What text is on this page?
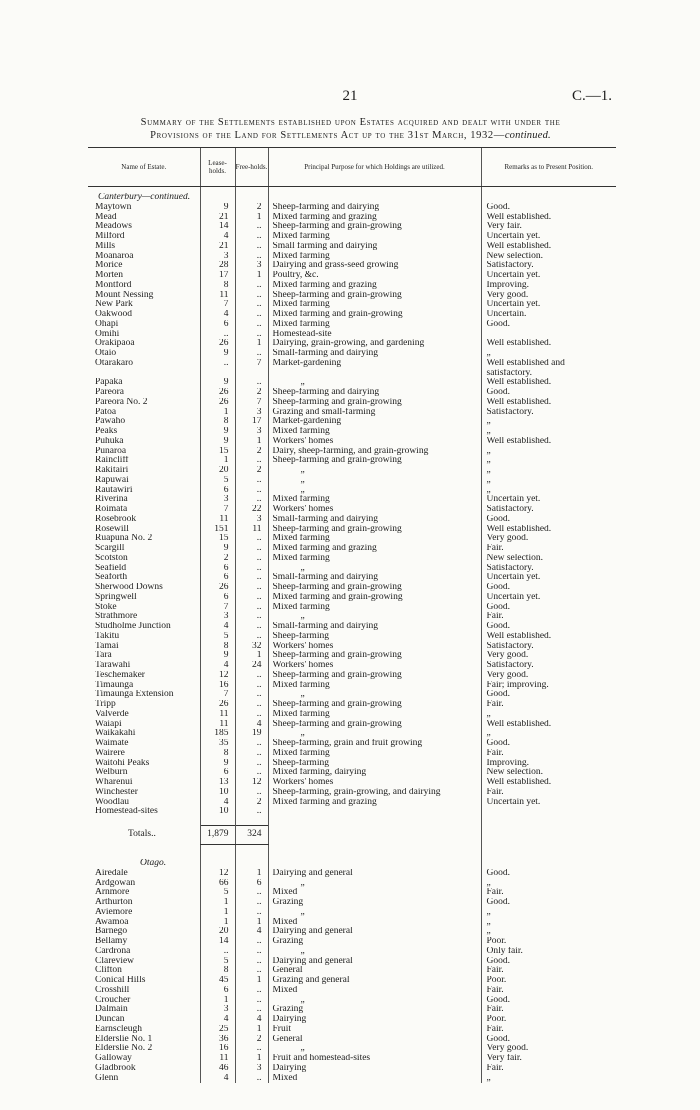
21	C.—1.
Summary of the Settlements established upon Estates acquired and dealt with under the
Provisions of the Land for Settlements Act up to the 31st March, 1932—continued.
Name of Estate.	Lease-holds.	Free-holds.	Principal Purpose for which Holdings are utilized.	Remarks as to Present Position.

Canterbury—continued.				
Maytown	9	2	Sheep-farming and dairying	Good.
Mead	21	1	Mixed farming and grazing	Well established.
Meadows	14	..	Sheep-farming and grain-growing	Very fair.
Milford	4	..	Mixed farming	Uncertain yet.
Mills	21	..	Small farming and dairying	Well established.
Moanaroa	3	..	Mixed farming	New selection.
Morice	28	3	Dairying and grass-seed growing	Satisfactory.
Morten	17	1	Poultry, &c.	Uncertain yet.
Montford	8	..	Mixed farming and grazing	Improving.
Mount Nessing	11	..	Sheep-farming and grain-growing	Very good.
New Park	7	..	Mixed farming	Uncertain yet.
Oakwood	4	..	Mixed farming and grain-growing	Uncertain.
Ohapi	6	..	Mixed farming	Good.
Omihi	..	..	Homestead-site	
Orakipaoa	26	1	Dairying, grain-growing, and gardening	Well established.
Otaio	9	..	Small-farming and dairying	„
Otarakaro	..	7	Market-gardening	Well established and
				satisfactory.
Papaka	9	..	„	Well established.
Pareora	26	2	Sheep-farming and dairying	Good.
Pareora No. 2	26	7	Sheep-farming and grain-growing	Well established.
Patoa	1	3	Grazing and small-farming	Satisfactory.
Pawaho	8	17	Market-gardening	„
Peaks	9	3	Mixed farming	„
Puhuka	9	1	Workers' homes	Well established.
Punaroa	15	2	Dairy, sheep-farming, and grain-growing	„
Raincliff	1	..	Sheep-farming and grain-growing	„
Rakitairi	20	2	„	„
Rapuwai	5	..	„	„
Rautawiri	6	..	„	„
Riverina	3	..	Mixed farming	Uncertain yet.
Roimata	7	22	Workers' homes	Satisfactory.
Rosebrook	11	3	Small-farming and dairying	Good.
Rosewill	151	11	Sheep-farming and grain-growing	Well established.
Ruapuna No. 2	15	..	Mixed farming	Very good.
Scargill	9	..	Mixed farming and grazing	Fair.
Scotston	2	..	Mixed farming	New selection.
Seafield	6	..	„	Satisfactory.
Seaforth	6	..	Small-farming and dairying	Uncertain yet.
Sherwood Downs	26	..	Sheep-farming and grain-growing	Good.
Springwell	6	..	Mixed farming and grain-growing	Uncertain yet.
Stoke	7	..	Mixed farming	Good.
Strathmore	3	..	„	Fair.
Studholme Junction	4	..	Small-farming and dairying	Good.
Takitu	5	..	Sheep-farming	Well established.
Tamai	8	32	Workers' homes	Satisfactory.
Tara	9	1	Sheep-farming and grain-growing	Very good.
Tarawahi	4	24	Workers' homes	Satisfactory.
Teschemaker	12	..	Sheep-farming and grain-growing	Very good.
Timaunga	16	..	Mixed farming	Fair; improving.
Timaunga Extension	7	..	„	Good.
Tripp	26	..	Sheep-farming and grain-growing	Fair.
Valverde	11	..	Mixed farming	„
Waiapi	11	4	Sheep-farming and grain-growing	Well established.
Waikakahi	185	19	„	„
Waimate	35	..	Sheep-farming, grain and fruit growing	Good.
Wairere	8	..	Mixed farming	Fair.
Waitohi Peaks	9	..	Sheep-farming	Improving.
Welburn	6	..	Mixed farming, dairying	New selection.
Wharenui	13	12	Workers' homes	Well established.
Winchester	10	..	Sheep-farming, grain-growing, and dairying	Fair.
Woodlau	4	2	Mixed farming and grazing	Uncertain yet.
Homestead-sites	10	..		

Totals..	1,879	324		

Otago.				
Airedale	12	1	Dairying and general	Good.
Ardgowan	66	6	„	„
Arnmore	5	..	Mixed	Fair.
Arthurton	1	..	Grazing	Good.
Aviemore	1	..	„	„
Awamoa	1	1	Mixed	„
Barnego	20	4	Dairying and general	„
Bellamy	14	..	Grazing	Poor.
Cardrona	..	..	„	Only fair.
Clareview	5	..	Dairying and general	Good.
Clifton	8	..	General	Fair.
Conical Hills	45	1	Grazing and general	Poor.
Crosshill	6	..	Mixed	Fair.
Croucher	1	..	„	Good.
Dalmain	3	..	Grazing	Fair.
Duncan	4	4	Dairying	Poor.
Earnscleugh	25	1	Fruit	Fair.
Elderslie No. 1	36	2	General	Good.
Elderslie No. 2	16	..	„	Very good.
Galloway	11	1	Fruit and homestead-sites	Very fair.
Gladbrook	46	3	Dairying	Fair.
Glenn	4	..	Mixed	„
